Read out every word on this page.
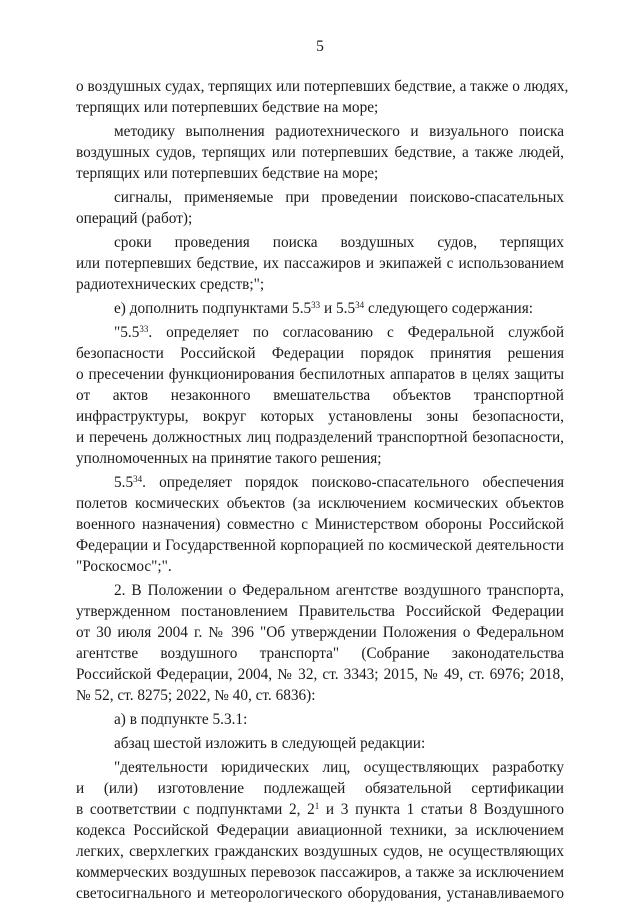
5
о воздушных судах, терпящих или потерпевших бедствие, а также о людях,
терпящих или потерпевших бедствие на море;
методику выполнения радиотехнического и визуального поиска
воздушных судов, терпящих или потерпевших бедствие, а также людей,
терпящих или потерпевших бедствие на море;
сигналы, применяемые при проведении поисково-спасательных
операций (работ);
сроки проведения поиска воздушных судов, терпящих
или потерпевших бедствие, их пассажиров и экипажей с использованием
радиотехнических средств;";
е) дополнить подпунктами $5.5^{33}$ и $5.5^{34}$ следующего содержания:
"$5.5^{33}$. определяет по согласованию с Федеральной службой
безопасности Российской Федерации порядок принятия решения
о пресечении функционирования беспилотных аппаратов в целях защиты
от актов незаконного вмешательства объектов транспортной
инфраструктуры, вокруг которых установлены зоны безопасности,
и перечень должностных лиц подразделений транспортной безопасности,
уполномоченных на принятие такого решения;
$5.5^{34}$. определяет порядок поисково-спасательного обеспечения
полетов космических объектов (за исключением космических объектов
военного назначения) совместно с Министерством обороны Российской
Федерации и Государственной корпорацией по космической деятельности
"Роскосмос";".
2. В Положении о Федеральном агентстве воздушного транспорта,
утвержденном постановлением Правительства Российской Федерации
от 30 июля 2004 г. № 396 "Об утверждении Положения о Федеральном
агентстве воздушного транспорта" (Собрание законодательства
Российской Федерации, 2004, № 32, ст. 3343; 2015, № 49, ст. 6976; 2018,
№ 52, ст. 8275; 2022, № 40, ст. 6836):
а) в подпункте 5.3.1:
абзац шестой изложить в следующей редакции:
"деятельности юридических лиц, осуществляющих разработку
и (или) изготовление подлежащей обязательной сертификации
в соответствии с подпунктами 2, $2^1$ и 3 пункта 1 статьи 8 Воздушного
кодекса Российской Федерации авиационной техники, за исключением
легких, сверхлегких гражданских воздушных судов, не осуществляющих
коммерческих воздушных перевозок пассажиров, а также за исключением
светосигнального и метеорологического оборудования, устанавливаемого
